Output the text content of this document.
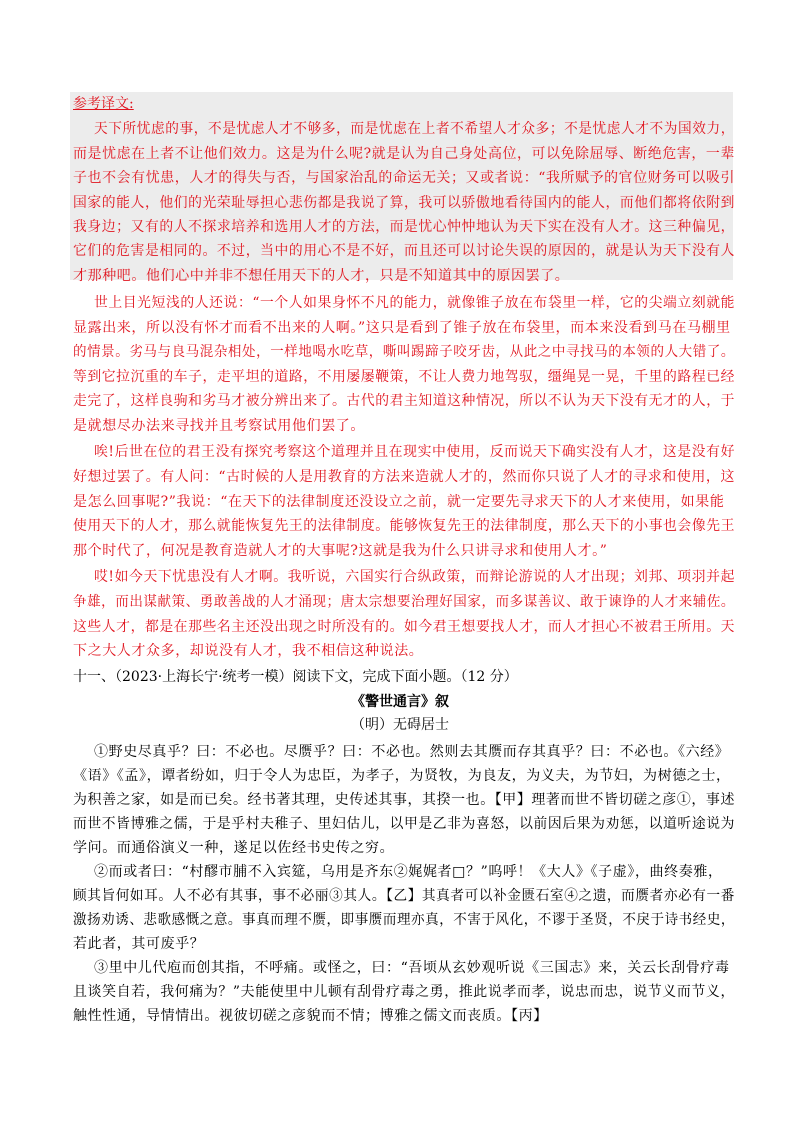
参考译文:
天下所忧虑的事，不是忧虑人才不够多，而是忧虑在上者不希望人才众多；不是忧虑人才不为国效力，
而是忧虑在上者不让他们效力。这是为什么呢?就是认为自己身处高位，可以免除屈辱、断绝危害，一辈
子也不会有忧患，人才的得失与否，与国家治乱的命运无关；又或者说：“我所赋予的官位财务可以吸引
国家的能人，他们的光荣耻辱担心悲伤都是我说了算，我可以骄傲地看待国内的能人，而他们都将依附到
我身边；又有的人不探求培养和选用人才的方法，而是忧心忡忡地认为天下实在没有人才。这三种偏见，
它们的危害是相同的。不过，当中的用心不是不好，而且还可以讨论失误的原因的，就是认为天下没有人
才那种吧。他们心中并非不想任用天下的人才，只是不知道其中的原因罢了。
世上目光短浅的人还说：“一个人如果身怀不凡的能力，就像锥子放在布袋里一样，它的尖端立刻就能
显露出来，所以没有怀才而看不出来的人啊。”这只是看到了锥子放在布袋里，而本来没看到马在马棚里
的情景。劣马与良马混杂相处，一样地喝水吃草，嘶叫踢蹄子咬牙齿，从此之中寻找马的本领的人大错了。
等到它拉沉重的车子，走平坦的道路，不用屡屡鞭策，不让人费力地驾驭，缰绳晃一晃，千里的路程已经
走完了，这样良驹和劣马才被分辨出来了。古代的君主知道这种情况，所以不认为天下没有无才的人，于
是就想尽办法来寻找并且考察试用他们罢了。
唉!后世在位的君王没有探究考察这个道理并且在现实中使用，反而说天下确实没有人才，这是没有好
好想过罢了。有人问：“古时候的人是用教育的方法来造就人才的，然而你只说了人才的寻求和使用，这
是怎么回事呢?”我说：“在天下的法律制度还没设立之前，就一定要先寻求天下的人才来使用，如果能
使用天下的人才，那么就能恢复先王的法律制度。能够恢复先王的法律制度，那么天下的小事也会像先王
那个时代了，何况是教育造就人才的大事呢?这就是我为什么只讲寻求和使用人才。”
哎!如今天下忧患没有人才啊。我听说，六国实行合纵政策，而辩论游说的人才出现；刘邦、项羽并起
争雄，而出谋献策、勇敢善战的人才涌现；唐太宗想要治理好国家，而多谋善议、敢于谏诤的人才来辅佐。
这些人才，都是在那些名主还没出现之时所没有的。如今君王想要找人才，而人才担心不被君王所用。天
下之大人才众多，却说没有人才，我不相信这种说法。
十一、（2023·上海长宁·统考一模）阅读下文，完成下面小题。（12 分）
《警世通言》叙
（明）无碍居士
①野史尽真乎？曰：不必也。尽赝乎？曰：不必也。然则去其赝而存其真乎？曰：不必也。《六经》
《语》《孟》，谭者纷如，归于令人为忠臣，为孝子，为贤牧，为良友，为义夫，为节妇，为树德之士，
为积善之家，如是而已矣。经书著其理，史传述其事，其揆一也。【甲】理著而世不皆切磋之彦①，事述
而世不皆博雅之儒，于是乎村夫稚子、里妇估儿，以甲是乙非为喜怒，以前因后果为劝惩，以道听途说为
学问。而通俗演义一种，遂足以佐经书史传之穷。
②而或者曰：“村醪市脯不入宾筵，乌用是齐东②娓娓者□？”呜呼！《大人》《子虚》，曲终奏雅，
顾其旨何如耳。人不必有其事，事不必丽③其人。【乙】其真者可以补金匮石室④之遗，而赝者亦必有一番
激扬劝诱、悲歌感慨之意。事真而理不赝，即事赝而理亦真，不害于风化，不谬于圣贤，不戾于诗书经史，
若此者，其可废乎？
③里中儿代庖而创其指，不呼痛。或怪之，曰：“吾顷从玄妙观听说《三国志》来，关云长刮骨疗毒
且谈笑自若，我何痛为？”夫能使里中儿顿有刮骨疗毒之勇，推此说孝而孝，说忠而忠，说节义而节义，
触性性通，导情情出。视彼切磋之彦貌而不情；博雅之儒文而丧质。【丙】
